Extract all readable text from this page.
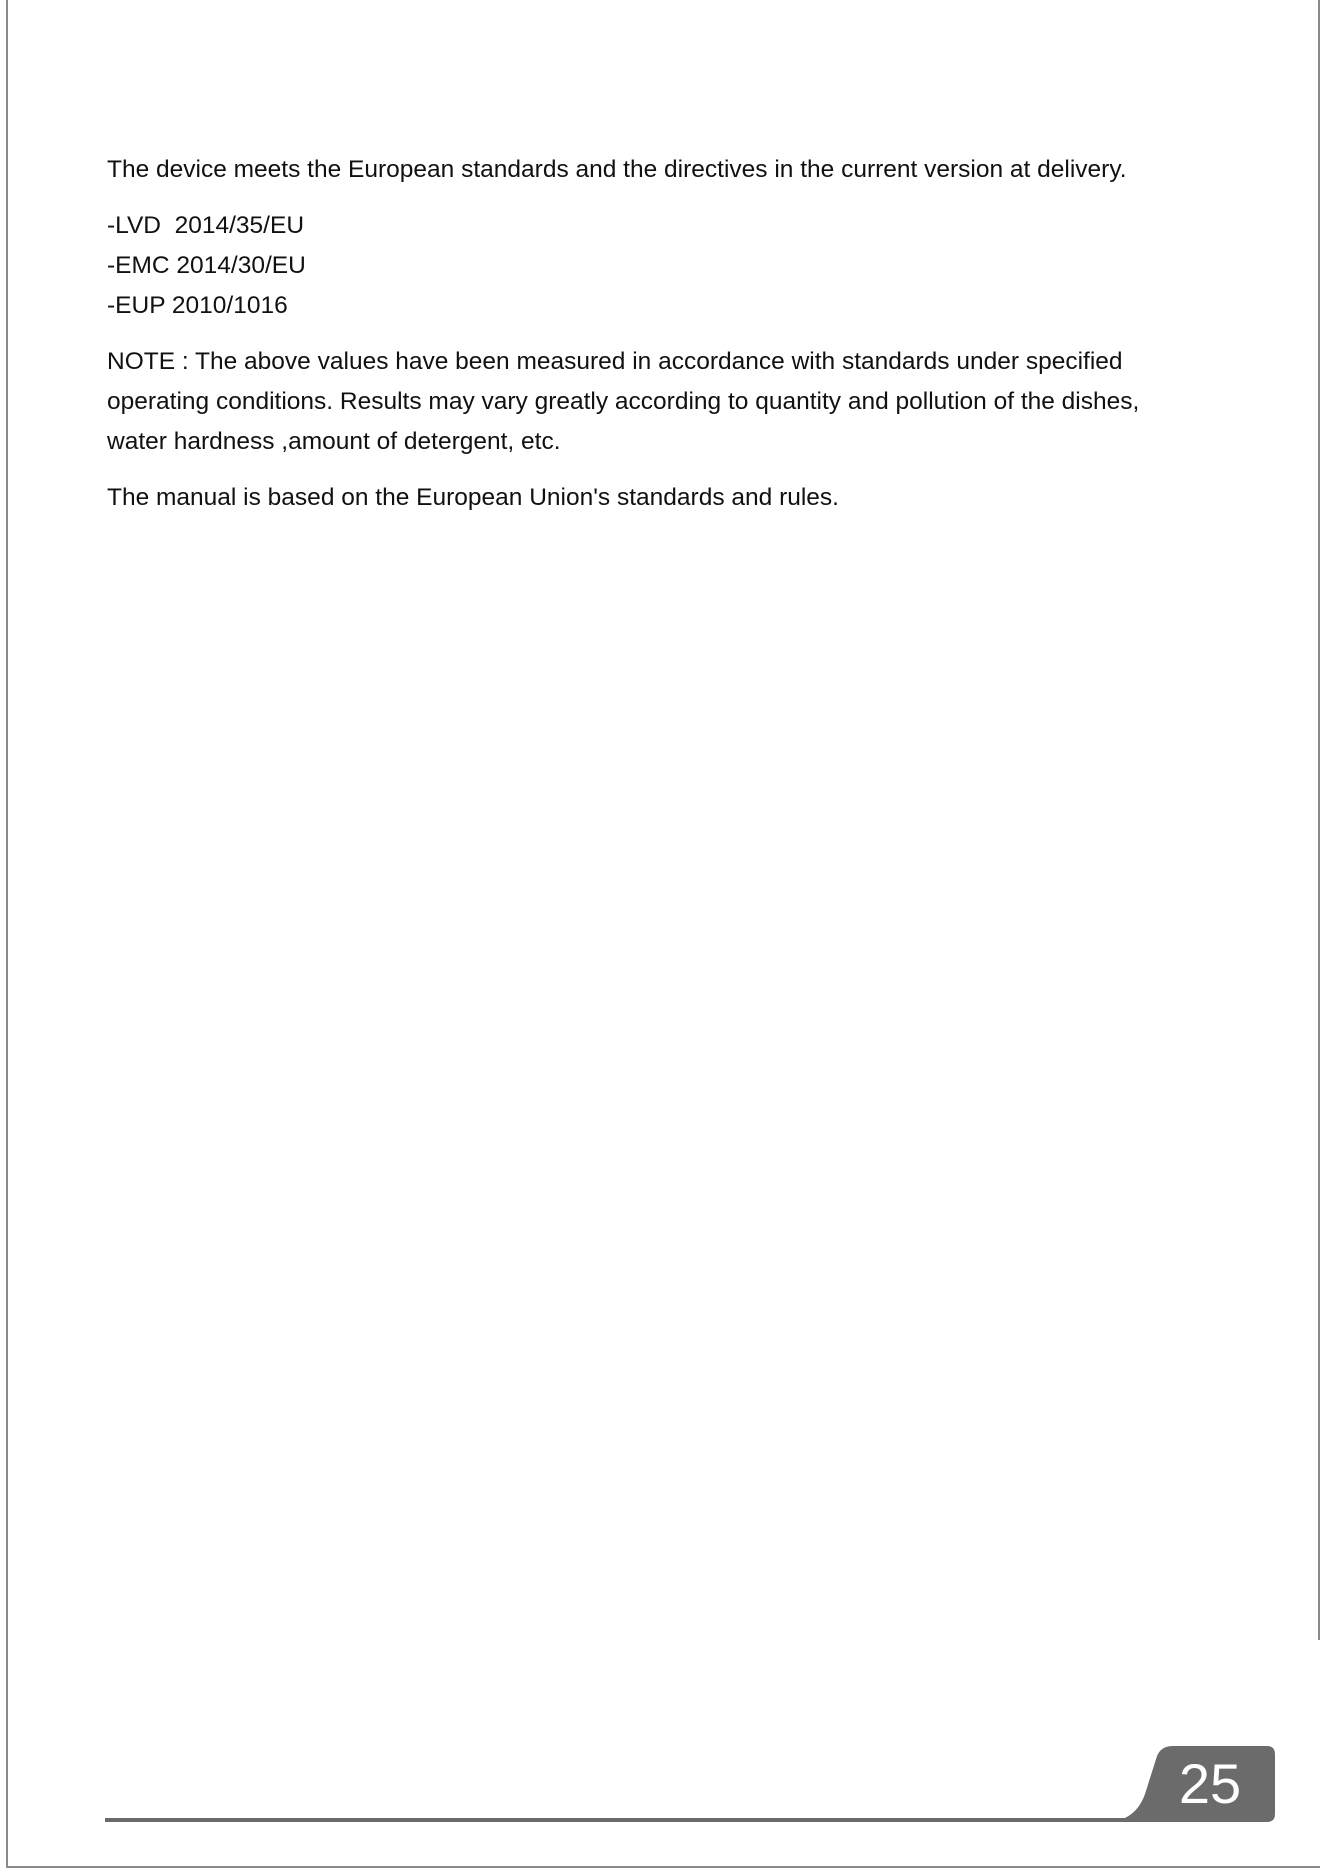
The device meets the European standards and the directives in the current version at delivery.

-LVD  2014/35/EU

-EMC 2014/30/EU

-EUP 2010/1016

NOTE : The above values have been measured in accordance with standards under specified
operating conditions. Results may vary greatly according to quantity and pollution of the dishes,
water hardness ,amount of detergent, etc.

The manual is based on the European Union's standards and rules.

25
